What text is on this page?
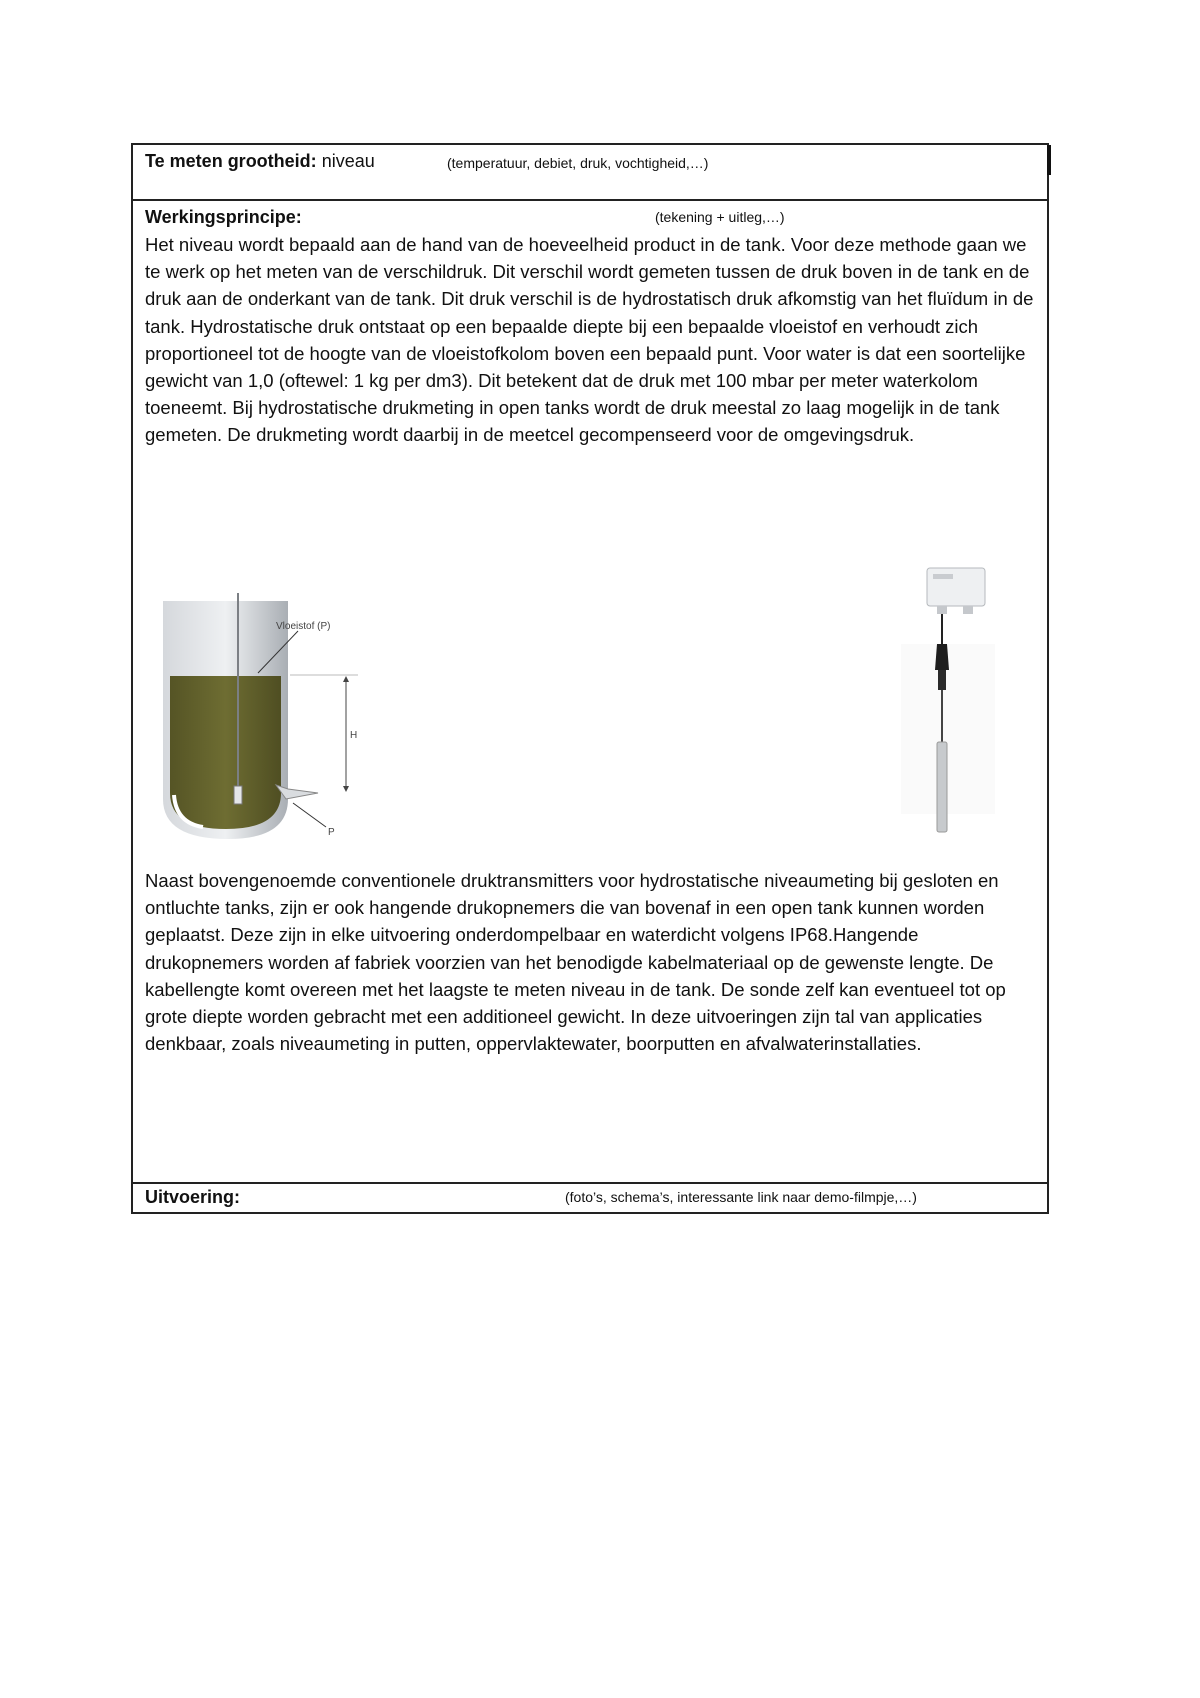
Te meten grootheid: niveau	(temperatuur, debiet, druk, vochtigheid,…)
Werkingsprincipe:	(tekening + uitleg,…)

Het niveau wordt bepaald aan de hand van de hoeveelheid product in de tank. Voor deze methode gaan we te werk op het meten van de verschildruk. Dit verschil wordt gemeten tussen de druk boven in de tank en de druk aan de onderkant van de tank. Dit druk verschil is de hydrostatisch druk afkomstig van het fluïdum in de tank. Hydrostatische druk ontstaat op een bepaalde diepte bij een bepaalde vloeistof en verhoudt zich proportioneel tot de hoogte van de vloeistofkolom boven een bepaald punt. Voor water is dat een soortelijke gewicht van 1,0 (oftewel: 1 kg per dm3). Dit betekent dat de druk met 100 mbar per meter waterkolom toeneemt. Bij hydrostatische drukmeting in open tanks wordt de druk meestal zo laag mogelijk in de tank gemeten. De drukmeting wordt daarbij in de meetcel gecompenseerd voor de omgevingsdruk.

Vloeistof (P)
H
P

Naast bovengenoemde conventionele druktransmitters voor hydrostatische niveaumeting bij gesloten en ontluchte tanks, zijn er ook hangende drukopnemers die van bovenaf in een open tank kunnen worden geplaatst. Deze zijn in elke uitvoering onderdompelbaar en waterdicht volgens IP68.Hangende drukopnemers worden af fabriek voorzien van het benodigde kabelmateriaal op de gewenste lengte. De kabellengte komt overeen met het laagste te meten niveau in de tank. De sonde zelf kan eventueel tot op grote diepte worden gebracht met een additioneel gewicht. In deze uitvoeringen zijn tal van applicaties denkbaar, zoals niveaumeting in putten, oppervlaktewater, boorputten en afvalwaterinstallaties.

Uitvoering:	(foto’s, schema’s, interessante link naar demo-filmpje,…)
